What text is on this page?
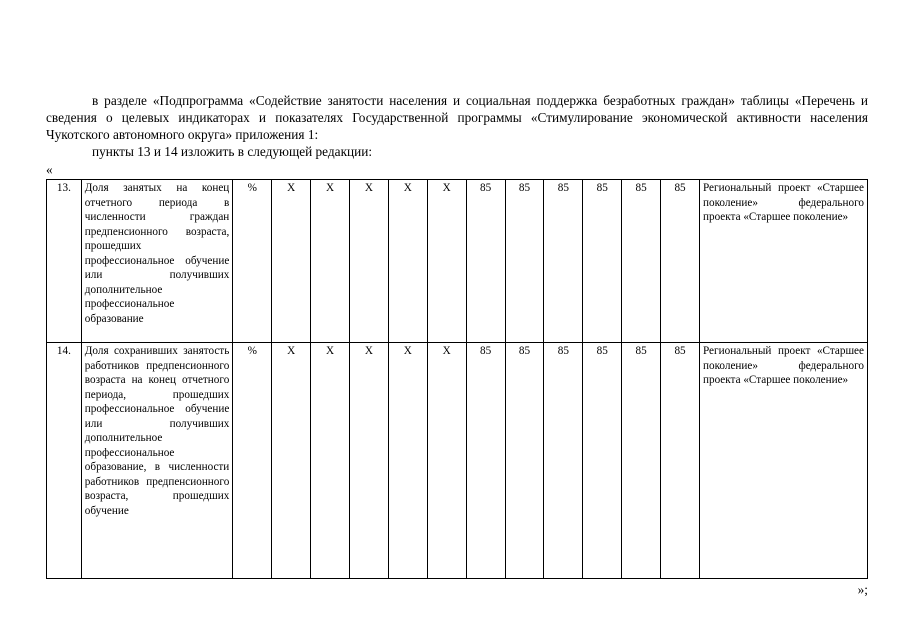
в разделе «Подпрограмма «Содействие занятости населения и социальная поддержка безработных граждан» таблицы «Перечень и сведения о целевых индикаторах и показателях Государственной программы «Стимулирование экономической активности населения Чукотского автономного округа» приложения 1:

пункты 13 и 14 изложить в следующей редакции:

«
13.	Доля занятых на конец отчетного периода в численности граждан предпенсионного возраста, прошедших профессиональное обучение или получивших дополнительное профессиональное образование	%	Х	Х	Х	Х	Х	85	85	85	85	85	85	Региональный проект «Старшее поколение» федерального проекта «Старшее поколение»
14.	Доля сохранивших занятость работников предпенсионного возраста на конец отчетного периода, прошедших профессиональное обучение или получивших дополнительное профессиональное образование, в численности работников предпенсионного возраста, прошедших обучение	%	Х	Х	Х	Х	Х	85	85	85	85	85	85	Региональный проект «Старшее поколение» федерального проекта «Старшее поколение»
»;
